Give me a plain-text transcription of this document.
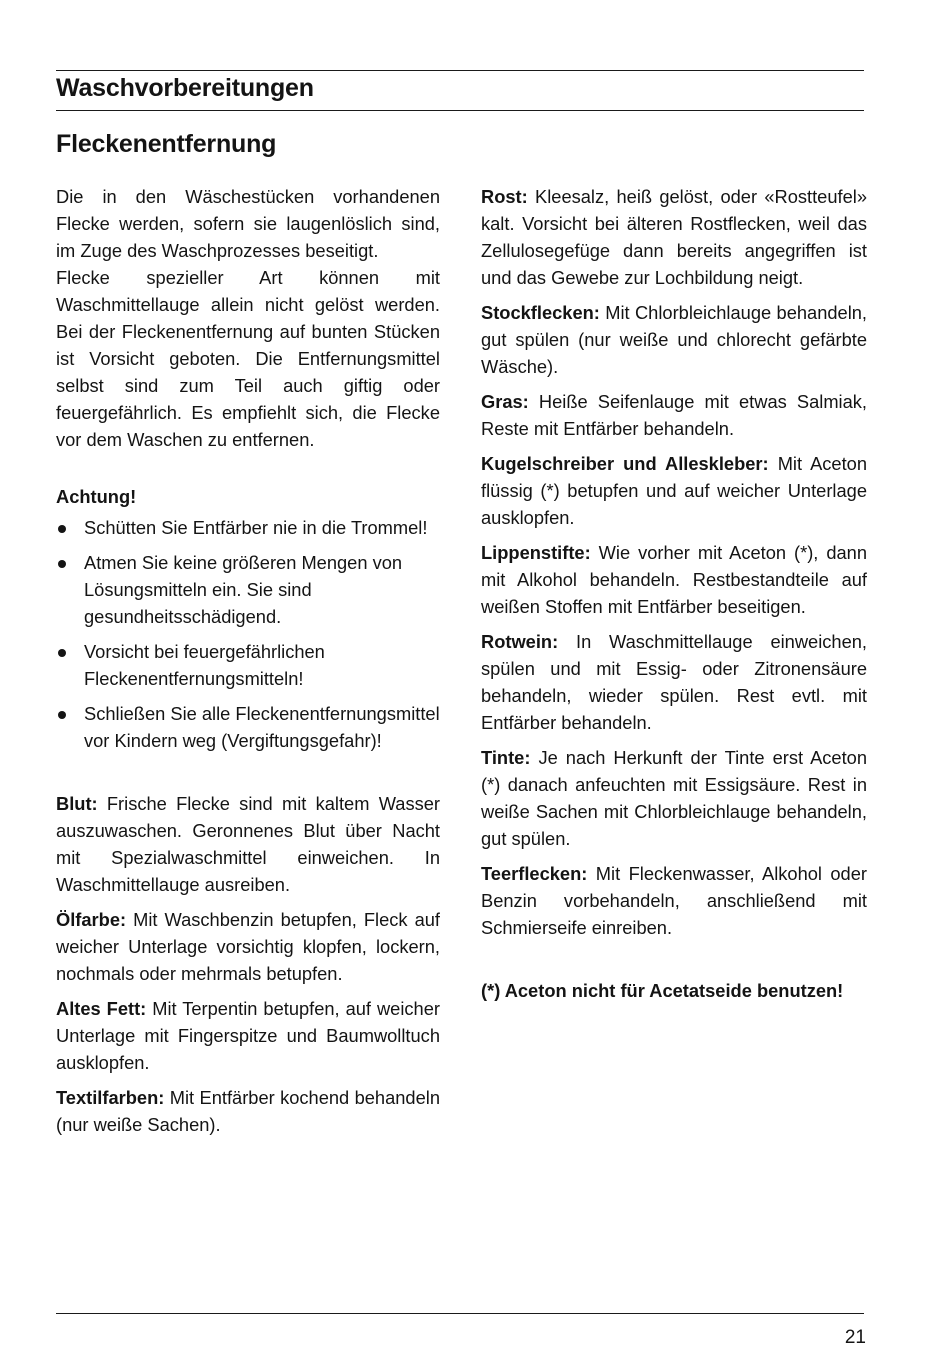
Waschvorbereitungen
Fleckenentfernung

Die in den Wäschestücken vorhandenen Flecke werden, sofern sie laugenlöslich sind, im Zuge des Waschprozesses beseitigt.

Flecke spezieller Art können mit Waschmittellauge allein nicht gelöst werden. Bei der Fleckenentfernung auf bunten Stücken ist Vorsicht geboten. Die Entfernungsmittel selbst sind zum Teil auch giftig oder feuergefährlich. Es empfiehlt sich, die Flecke vor dem Waschen zu entfernen.

Achtung!

Schütten Sie Entfärber nie in die Trommel!
Atmen Sie keine größeren Mengen von Lösungsmitteln ein. Sie sind gesundheitsschädigend.
Vorsicht bei feuergefährlichen Fleckenentfernungsmitteln!
Schließen Sie alle Fleckenentfernungsmittel vor Kindern weg (Vergiftungsgefahr)!

Blut: Frische Flecke sind mit kaltem Wasser auszuwaschen. Geronnenes Blut über Nacht mit Spezialwaschmittel einweichen. In Waschmittellauge ausreiben.

Ölfarbe: Mit Waschbenzin betupfen, Fleck auf weicher Unterlage vorsichtig klopfen, lockern, nochmals oder mehrmals betupfen.

Altes Fett: Mit Terpentin betupfen, auf weicher Unterlage mit Fingerspitze und Baumwolltuch ausklopfen.

Textilfarben: Mit Entfärber kochend behandeln (nur weiße Sachen).

Rost: Kleesalz, heiß gelöst, oder «Rostteufel» kalt. Vorsicht bei älteren Rostflecken, weil das Zellulosegefüge dann bereits angegriffen ist und das Gewebe zur Lochbildung neigt.

Stockflecken: Mit Chlorbleichlauge behandeln, gut spülen (nur weiße und chlorecht gefärbte Wäsche).

Gras: Heiße Seifenlauge mit etwas Salmiak, Reste mit Entfärber behandeln.

Kugelschreiber und Alleskleber: Mit Aceton flüssig (*) betupfen und auf weicher Unterlage ausklopfen.

Lippenstifte: Wie vorher mit Aceton (*), dann mit Alkohol behandeln. Restbestandteile auf weißen Stoffen mit Entfärber beseitigen.

Rotwein: In Waschmittellauge einweichen, spülen und mit Essig- oder Zitronensäure behandeln, wieder spülen. Rest evtl. mit Entfärber behandeln.

Tinte: Je nach Herkunft der Tinte erst Aceton (*) danach anfeuchten mit Essigsäure. Rest in weiße Sachen mit Chlorbleichlauge behandeln, gut spülen.

Teerflecken: Mit Fleckenwasser, Alkohol oder Benzin vorbehandeln, anschließend mit Schmierseife einreiben.

(*) Aceton nicht für Acetatseide benutzen!

21
